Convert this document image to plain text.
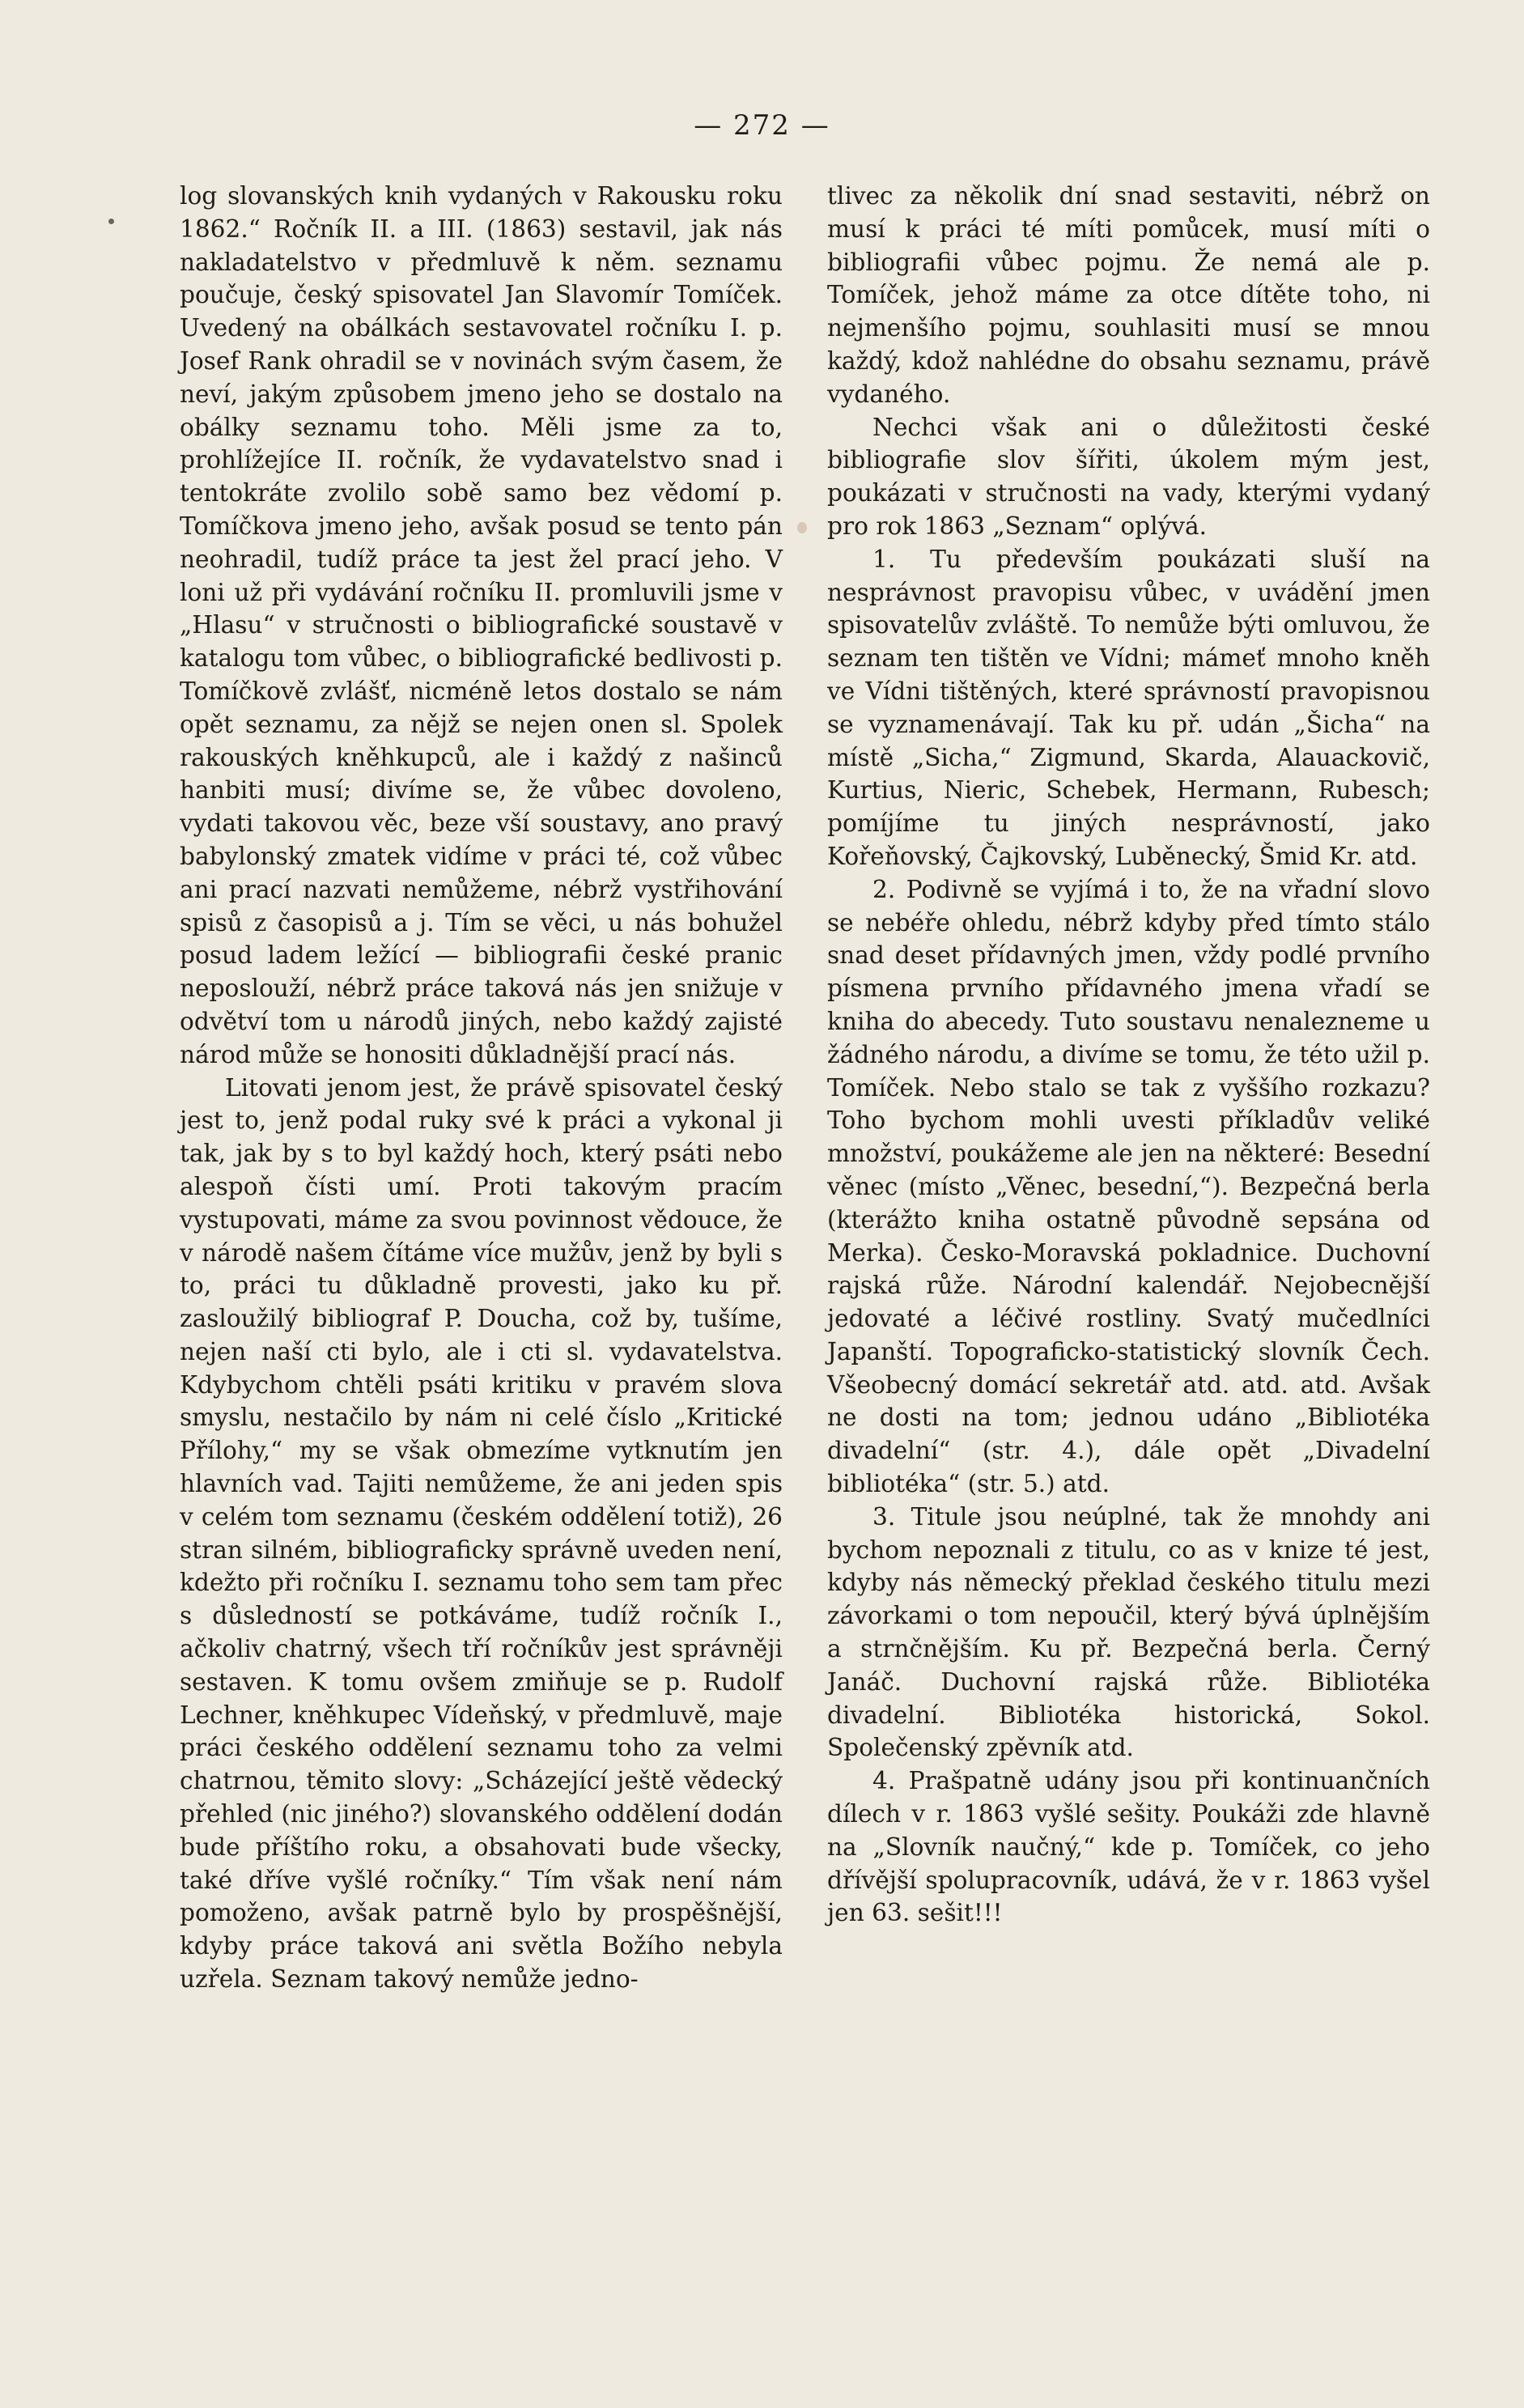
— 272 —

log slovanských knih vydaných v Rakousku roku 1862.“ Ročník II. a III. (1863) sestavil, jak nás nakladatelstvo v předmluvě k něm. seznamu poučuje, český spisovatel Jan Slavomír Tomíček. Uvedený na obálkách sestavovatel ročníku I. p. Josef Rank ohradil se v novinách svým časem, že neví, jakým způsobem jmeno jeho se dostalo na obálky seznamu toho. Měli jsme za to, prohlížejíce II. ročník, že vydavatelstvo snad i tentokráte zvolilo sobě samo bez vědomí p. Tomíčkova jmeno jeho, avšak posud se tento pán neohradil, tudíž práce ta jest žel prací jeho. V loni už při vydávání ročníku II. promluvili jsme v „Hlasu“ v stručnosti o bibliografické soustavě v katalogu tom vůbec, o bibliografické bedlivosti p. Tomíčkově zvlášť, nicméně letos dostalo se nám opět seznamu, za nějž se nejen onen sl. Spolek rakouských kněhkupců, ale i každý z našinců hanbiti musí; divíme se, že vůbec dovoleno, vydati takovou věc, beze vší soustavy, ano pravý babylonský zmatek vidíme v práci té, což vůbec ani prací nazvati nemůžeme, nébrž vystřihování spisů z časopisů a j. Tím se věci, u nás bohužel posud ladem ležící — bibliografii české pranic neposlouží, nébrž práce taková nás jen snižuje v odvětví tom u národů jiných, nebo každý zajisté národ může se honositi důkladnější prací nás.

Litovati jenom jest, že právě spisovatel český jest to, jenž podal ruky své k práci a vykonal ji tak, jak by s to byl každý hoch, který psáti nebo alespoň čísti umí. Proti takovým pracím vystupovati, máme za svou povinnost vědouce, že v národě našem čítáme více mužův, jenž by byli s to, práci tu důkladně provesti, jako ku př. zasloužilý bibliograf P. Doucha, což by, tušíme, nejen naší cti bylo, ale i cti sl. vydavatelstva. Kdybychom chtěli psáti kritiku v pravém slova smyslu, nestačilo by nám ni celé číslo „Kritické Přílohy,“ my se však obmezíme vytknutím jen hlavních vad. Tajiti nemůžeme, že ani jeden spis v celém tom seznamu (českém oddělení totiž), 26 stran silném, bibliograficky správně uveden není, kdežto při ročníku I. seznamu toho sem tam přec s důsledností se potkáváme, tudíž ročník I., ačkoliv chatrný, všech tří ročníkův jest správněji sestaven. K tomu ovšem zmiňuje se p. Rudolf Lechner, kněhkupec Vídeňský, v předmluvě, maje práci českého oddělení seznamu toho za velmi chatrnou, těmito slovy: „Scházející ještě vědecký přehled (nic jiného?) slovanského oddělení dodán bude příštího roku, a obsahovati bude všecky, také dříve vyšlé ročníky.“ Tím však není nám pomoženo, avšak patrně bylo by prospěšnější, kdyby práce taková ani světla Božího nebyla uzřela. Seznam takový nemůže jedno-

tlivec za několik dní snad sestaviti, nébrž on musí k práci té míti pomůcek, musí míti o bibliografii vůbec pojmu. Že nemá ale p. Tomíček, jehož máme za otce dítěte toho, ni nejmenšího pojmu, souhlasiti musí se mnou každý, kdož nahlédne do obsahu seznamu, právě vydaného.

Nechci však ani o důležitosti české bibliografie slov šířiti, úkolem mým jest, poukázati v stručnosti na vady, kterými vydaný pro rok 1863 „Seznam“ oplývá.

1. Tu především poukázati sluší na nesprávnost pravopisu vůbec, v uvádění jmen spisovatelův zvláště. To nemůže býti omluvou, že seznam ten tištěn ve Vídni; mámeť mnoho kněh ve Vídni tištěných, které správností pravopisnou se vyznamenávají. Tak ku př. udán „Šicha“ na místě „Sicha,“ Zigmund, Skarda, Alauackovič, Kurtius, Nieric, Schebek, Hermann, Rubesch; pomíjíme tu jiných nesprávností, jako Kořeňovský, Čajkovský, Luběnecký, Šmid Kr. atd.

2. Podivně se vyjímá i to, že na vřadní slovo se nebéře ohledu, nébrž kdyby před tímto stálo snad deset přídavných jmen, vždy podlé prvního písmena prvního přídavného jmena vřadí se kniha do abecedy. Tuto soustavu nenalezneme u žádného národu, a divíme se tomu, že této užil p. Tomíček. Nebo stalo se tak z vyššího rozkazu? Toho bychom mohli uvesti příkladův veliké množství, poukážeme ale jen na některé: Besední věnec (místo „Věnec, besední,“). Bezpečná berla (kterážto kniha ostatně původně sepsána od Merka). Česko-Moravská pokladnice. Duchovní rajská růže. Národní kalendář. Nejobecnější jedovaté a léčivé rostliny. Svatý mučedlníci Japanští. Topograficko-statistický slovník Čech. Všeobecný domácí sekretář atd. atd. atd. Avšak ne dosti na tom; jednou udáno „Bibliotéka divadelní“ (str. 4.), dále opět „Divadelní bibliotéka“ (str. 5.) atd.

3. Titule jsou neúplné, tak že mnohdy ani bychom nepoznali z titulu, co as v knize té jest, kdyby nás německý překlad českého titulu mezi závorkami o tom nepoučil, který bývá úplnějším a strnčnějším. Ku př. Bezpečná berla. Černý Janáč. Duchovní rajská růže. Bibliotéka divadelní. Bibliotéka historická, Sokol. Společenský zpěvník atd.

4. Prašpatně udány jsou při kontinuančních dílech v r. 1863 vyšlé sešity. Poukáži zde hlavně na „Slovník naučný,“ kde p. Tomíček, co jeho dřívější spolupracovník, udává, že v r. 1863 vyšel jen 63. sešit!!!
